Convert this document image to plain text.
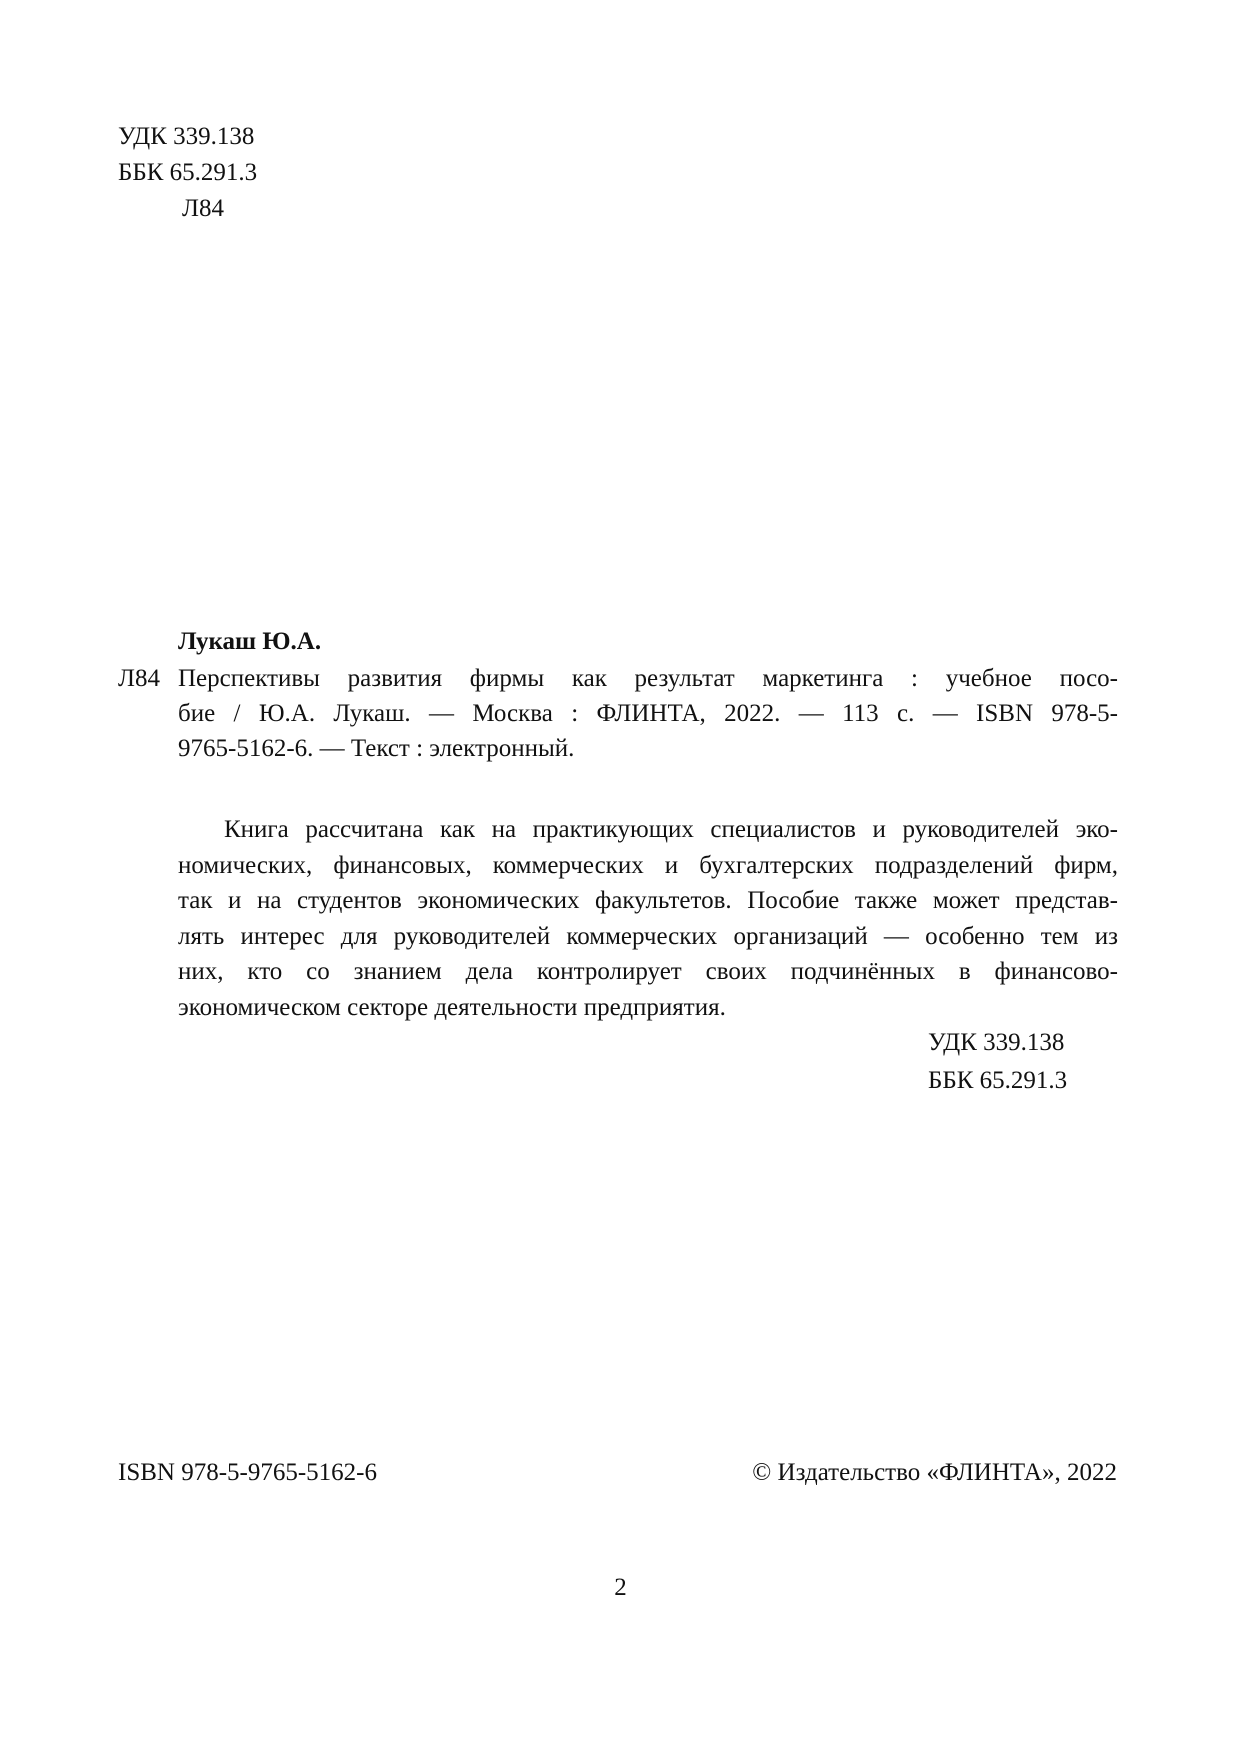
УДК 339.138
ББК 65.291.3
Л84
Лукаш Ю.А.
Л84 Перспективы развития фирмы как результат маркетинга : учебное посо-
бие / Ю.А. Лукаш. — Москва : ФЛИНТА, 2022. — 113 с. — ISBN 978-5-
9765-5162-6. — Текст : электронный.
Книга рассчитана как на практикующих специалистов и руководителей эко-
номических, финансовых, коммерческих и бухгалтерских подразделений фирм,
так и на студентов экономических факультетов. Пособие также может представ-
лять интерес для руководителей коммерческих организаций — особенно тем из
них, кто со знанием дела контролирует своих подчинённых в финансово-
экономическом секторе деятельности предприятия.
УДК 339.138
ББК 65.291.3
ISBN 978-5-9765-5162-6	© Издательство «ФЛИНТА», 2022
2
